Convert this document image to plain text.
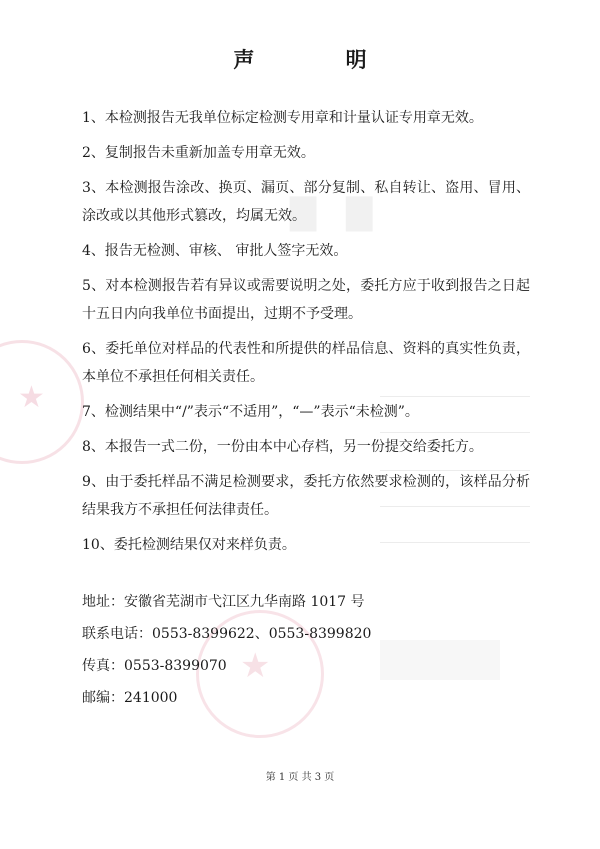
▇▇
★
★
声 明
1、本检测报告无我单位标定检测专用章和计量认证专用章无效。
2、复制报告未重新加盖专用章无效。
3、本检测报告涂改、换页、漏页、部分复制、私自转让、盗用、冒用、涂改或以其他形式篡改，均属无效。
4、报告无检测、审核、 审批人签字无效。
5、对本检测报告若有异议或需要说明之处，委托方应于收到报告之日起十五日内向我单位书面提出，过期不予受理。
6、委托单位对样品的代表性和所提供的样品信息、资料的真实性负责，本单位不承担任何相关责任。
7、检测结果中“/”表示“不适用”，“—”表示“未检测”。
8、本报告一式二份，一份由本中心存档，另一份提交给委托方。
9、由于委托样品不满足检测要求，委托方依然要求检测的，该样品分析结果我方不承担任何法律责任。
10、委托检测结果仅对来样负责。
地址：安徽省芜湖市弋江区九华南路 1017 号
联系电话：0553-8399622、0553-8399820
传真：0553-8399070
邮编：241000
第 1 页 共 3 页
